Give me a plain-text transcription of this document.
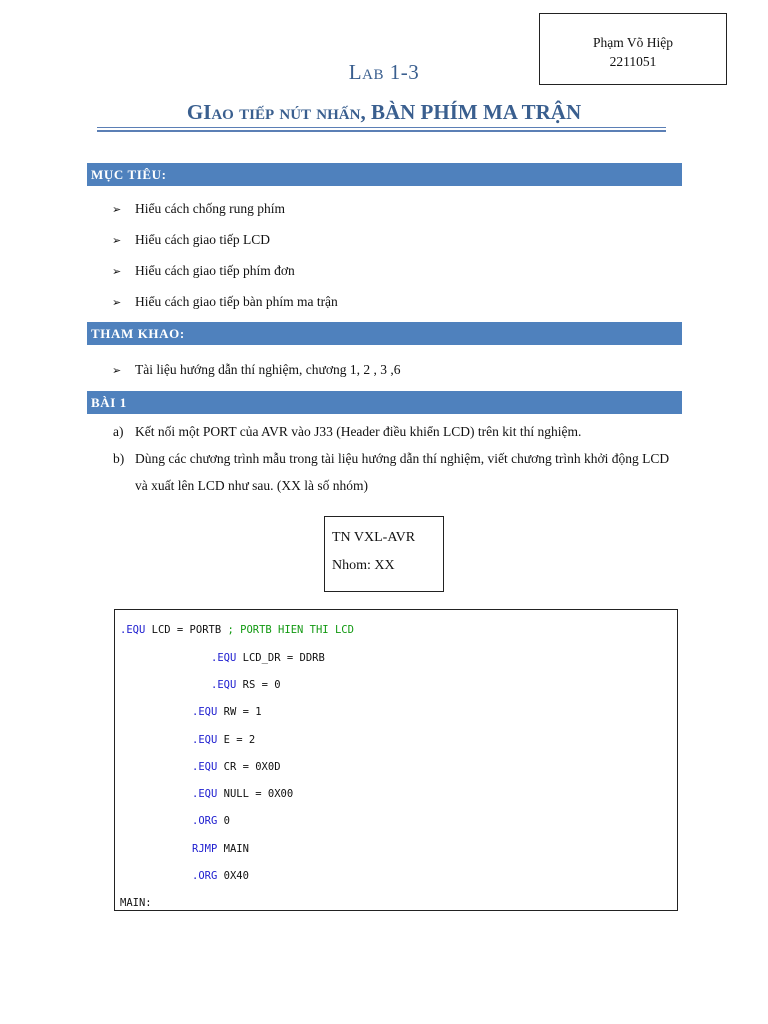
Phạm Võ Hiệp
2211051
Lab 1-3
GIao tiếp nút nhấn, BÀN PHÍM MA TRẬN
MỤC TIÊU:
➢ Hiểu cách chống rung phím
➢ Hiểu cách giao tiếp LCD
➢ Hiểu cách giao tiếp phím đơn
➢ Hiểu cách giao tiếp bàn phím ma trận
THAM KHAO:
➢ Tài liệu hướng dẫn thí nghiệm, chương 1, 2 , 3 ,6
BÀI 1
a) Kết nối một PORT của AVR vào J33 (Header điều khiển LCD) trên kit thí nghiệm.
b) Dùng các chương trình mẫu trong tài liệu hướng dẫn thí nghiệm, viết chương trình khởi động LCD và xuất lên LCD như sau. (XX là số nhóm)
TN VXL-AVR
Nhom: XX
.EQU LCD = PORTB ; PORTB HIEN THI LCD
.EQU LCD_DR = DDRB
.EQU RS = 0
.EQU RW = 1
.EQU E = 2
.EQU CR = 0X0D
.EQU NULL = 0X00
.ORG 0
RJMP MAIN
.ORG 0X40
MAIN:
